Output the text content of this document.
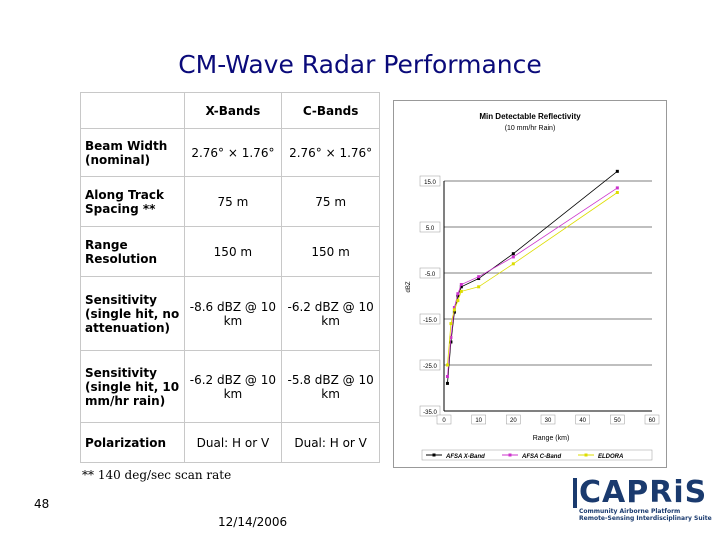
CM-Wave Radar Performance
	X-Bands	C-Bands
Beam Width (nominal)	2.76° × 1.76°	2.76° × 1.76°
Along Track Spacing **	75 m	75 m
Range Resolution	150 m	150 m
Sensitivity (single hit, no attenuation)	-8.6 dBZ @ 10 km	-6.2 dBZ @ 10 km
Sensitivity (single hit, 10 mm/hr rain)	-6.2 dBZ @ 10 km	-5.8 dBZ @ 10 km
Polarization	Dual: H or V	Dual: H or V
** 140 deg/sec scan rate
48
12/14/2006
Min Detectable Reflectivity
(10 mm/hr Rain)
dBZ
Range (km)
15.0
5.0
-5.0
-15.0
-25.0
-35.0
0	10	20	30	40	50	60
AFSA X-Band	AFSA C-Band	ELDORA
CAPRiS
Community Airborne Platform
Remote-Sensing Interdisciplinary Suite
